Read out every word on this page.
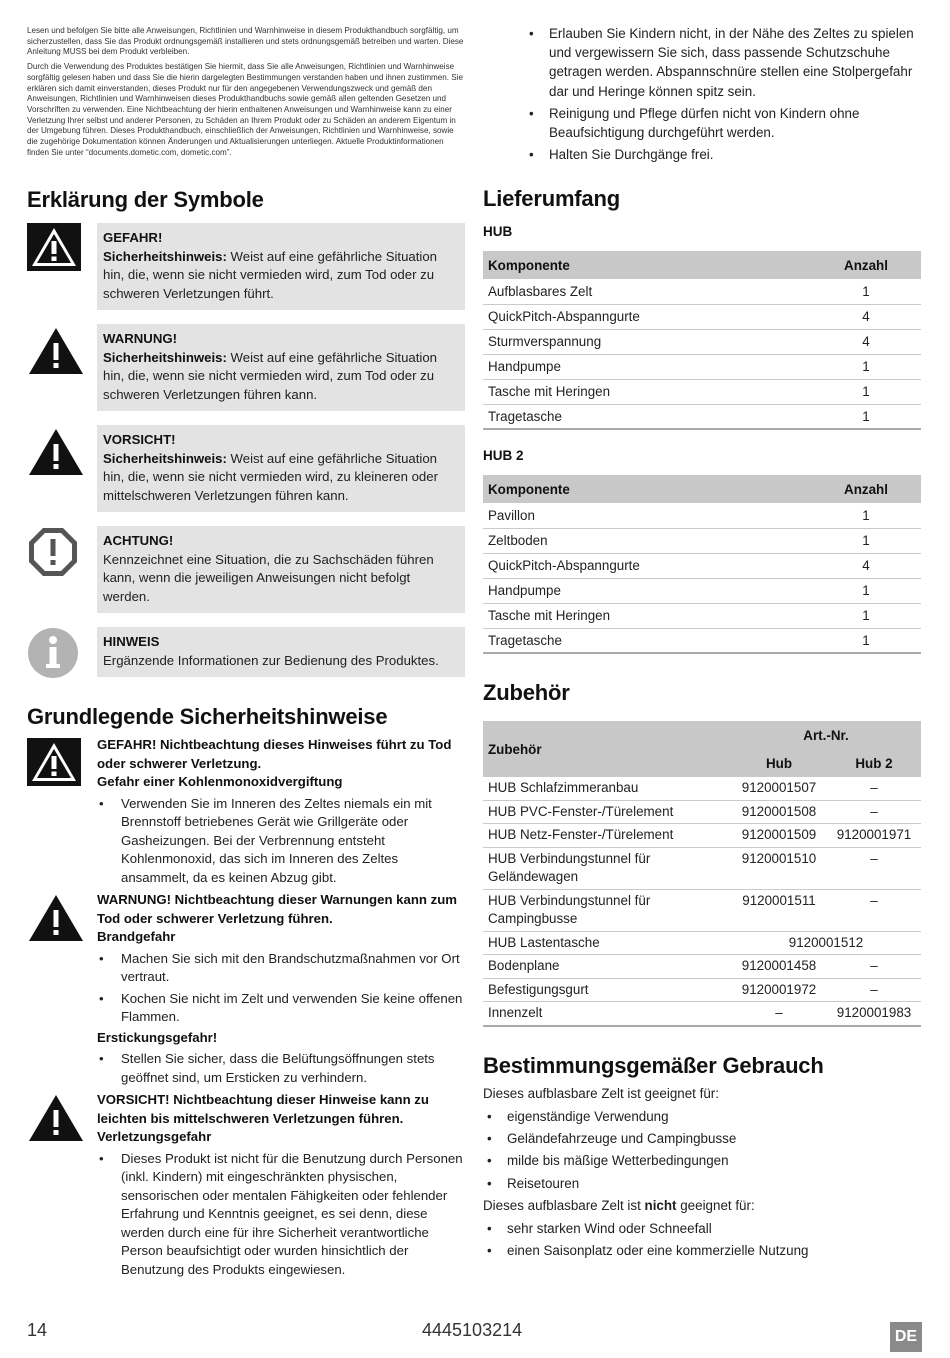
Lesen und befolgen Sie bitte alle Anweisungen, Richtlinien und Warnhinweise in diesem Produkthandbuch sorgfältig, um sicherzustellen, dass Sie das Produkt ordnungsgemäß installieren und stets ordnungsgemäß betreiben und warten. Diese Anleitung MUSS bei dem Produkt verbleiben.

Durch die Verwendung des Produktes bestätigen Sie hiermit, dass Sie alle Anweisungen, Richtlinien und Warnhinweise sorgfältig gelesen haben und dass Sie die hierin dargelegten Bestimmungen verstanden haben und ihnen zustimmen. Sie erklären sich damit einverstanden, dieses Produkt nur für den angegebenen Verwendungszweck und gemäß den Anweisungen, Richtlinien und Warnhinweisen dieses Produkthandbuchs sowie gemäß allen geltenden Gesetzen und Vorschriften zu verwenden. Eine Nichtbeachtung der hierin enthaltenen Anweisungen und Warnhinweise kann zu einer Verletzung Ihrer selbst und anderer Personen, zu Schäden an Ihrem Produkt oder zu Schäden an anderem Eigentum in der Umgebung führen. Dieses Produkthandbuch, einschließlich der Anweisungen, Richtlinien und Warnhinweise, sowie die zugehörige Dokumentation können Änderungen und Aktualisierungen unterliegen. Aktuelle Produktinformationen finden Sie unter “documents.dometic.com, dometic.com”.

Erklärung der Symbole
GEFAHR!
Sicherheitshinweis: Weist auf eine gefährliche Situation hin, die, wenn sie nicht vermieden wird, zum Tod oder zu schweren Verletzungen führt.
WARNUNG!
Sicherheitshinweis: Weist auf eine gefährliche Situation hin, die, wenn sie nicht vermieden wird, zum Tod oder zu schweren Verletzungen führen kann.
VORSICHT!
Sicherheitshinweis: Weist auf eine gefährliche Situation hin, die, wenn sie nicht vermieden wird, zu kleineren oder mittelschweren Verletzungen führen kann.
ACHTUNG!
Kennzeichnet eine Situation, die zu Sachschäden führen kann, wenn die jeweiligen Anweisungen nicht befolgt werden.
HINWEIS
Ergänzende Informationen zur Bedienung des Produktes.
Grundlegende Sicherheitshinweise
GEFAHR! Nichtbeachtung dieses Hinweises führt zu Tod oder schwerer Verletzung.
Gefahr einer Kohlenmonoxidvergiftung
•	Verwenden Sie im Inneren des Zeltes niemals ein mit Brennstoff betriebenes Gerät wie Grillgeräte oder Gasheizungen. Bei der Verbrennung entsteht Kohlenmonoxid, das sich im Inneren des Zeltes ansammelt, da es keinen Abzug gibt.
WARNUNG! Nichtbeachtung dieser Warnungen kann zum Tod oder schwerer Verletzung führen.
Brandgefahr
•	Machen Sie sich mit den Brandschutzmaßnahmen vor Ort vertraut.
•	Kochen Sie nicht im Zelt und verwenden Sie keine offenen Flammen.
Erstickungsgefahr!
•	Stellen Sie sicher, dass die Belüftungsöffnungen stets geöffnet sind, um Ersticken zu verhindern.
VORSICHT! Nichtbeachtung dieser Hinweise kann zu leichten bis mittelschweren Verletzungen führen.
Verletzungsgefahr
•	Dieses Produkt ist nicht für die Benutzung durch Personen (inkl. Kindern) mit eingeschränkten physischen, sensorischen oder mentalen Fähigkeiten oder fehlender Erfahrung und Kenntnis geeignet, es sei denn, diese werden durch eine für ihre Sicherheit verantwortliche Person beaufsichtigt oder wurden hinsichtlich der Benutzung des Produkts eingewiesen.
•	Erlauben Sie Kindern nicht, in der Nähe des Zeltes zu spielen und vergewissern Sie sich, dass passende Schutzschuhe getragen werden. Abspannschnüre stellen eine Stolpergefahr dar und Heringe können spitz sein.
•	Reinigung und Pflege dürfen nicht von Kindern ohne Beaufsichtigung durchgeführt werden.
•	Halten Sie Durchgänge frei.
Lieferumfang
HUB
Komponente	Anzahl
Aufblasbares Zelt	1
QuickPitch-Abspanngurte	4
Sturmverspannung	4
Handpumpe	1
Tasche mit Heringen	1
Tragetasche	1
HUB 2
Komponente	Anzahl
Pavillon	1
Zeltboden	1
QuickPitch-Abspanngurte	4
Handpumpe	1
Tasche mit Heringen	1
Tragetasche	1
Zubehör
Zubehör	Art.-Nr.	
	Hub	Hub 2
HUB Schlafzimmeranbau	9120001507	–
HUB PVC-Fenster-/Türelement	9120001508	–
HUB Netz-Fenster-/Türelement	9120001509	9120001971
HUB Verbindungstunnel für Geländewagen	9120001510	–
HUB Verbindungstunnel für Campingbusse	9120001511	–
HUB Lastentasche	9120001512	
Bodenplane	9120001458	–
Befestigungsgurt	9120001972	–
Innenzelt	–	9120001983
Bestimmungsgemäßer Gebrauch

Dieses aufblasbare Zelt ist geeignet für:

•	eigenständige Verwendung
•	Geländefahrzeuge und Campingbusse
•	milde bis mäßige Wetterbedingungen
•	Reisetouren

Dieses aufblasbare Zelt ist nicht geeignet für:

•	sehr starken Wind oder Schneefall
•	einen Saisonplatz oder eine kommerzielle Nutzung
14	4445103214	DE
